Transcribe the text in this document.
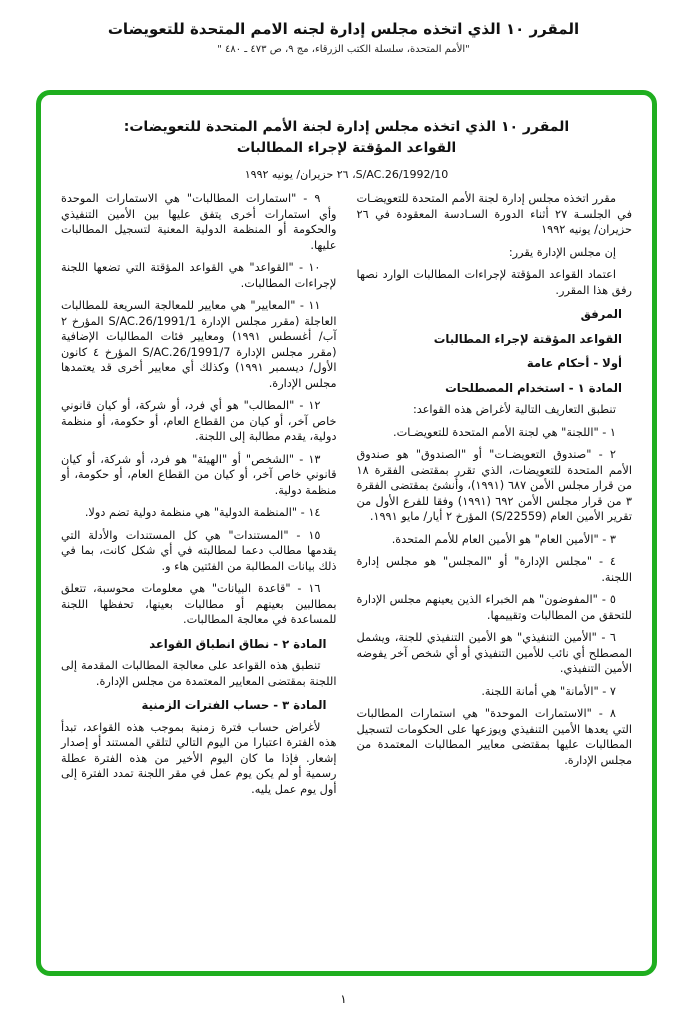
المقرر ١٠ الذي اتخذه مجلس إدارة لجنه الامم المتحدة للتعويضات

"الأمم المتحدة، سلسلة الكتب الزرقاء، مج ٩، ص ٤٧٣ ـ ٤٨٠ "

المقرر ١٠ الذي اتخذه مجلس إدارة لجنة الأمم المتحدة للتعويضات:

القواعد المؤقتة لإجراء المطالبات

S/AC.26/1992/10، ٢٦ حزيران/ يونيه ١٩٩٢

مقرر اتخذه مجلس إدارة لجنة الأمم المتحدة للتعويضـات في الجلسـة ٢٧ أثناء الدورة السـادسة المعقودة في ٢٦ حزيران/ يونيه ١٩٩٢

إن مجلس الإدارة يقرر:

اعتماد القواعد المؤقتة لإجراءات المطالبات الوارد نصها رفق هذا المقرر.

المرفق
القواعد المؤقتة لإجراء المطالبات
أولا - أحكام عامة
المادة ١ - استخدام المصطلحات

تنطبق التعاريف التالية لأغراض هذه القواعد:

١ - "اللجنة" هي لجنة الأمم المتحدة للتعويضـات.

٢ - "صندوق التعويضـات" أو "الصندوق" هو صندوق الأمم المتحدة للتعويضات، الذي تقرر بمقتضى الفقرة ١٨ من قرار مجلس الأمن ٦٨٧ (١٩٩١)، وأنشئ بمقتضى الفقرة ٣ من قرار مجلس الأمن ٦٩٢ (١٩٩١) وفقا للفرع الأول من تقرير الأمين العام (S/22559) المؤرخ ٢ أيار/ مايو ١٩٩١.

٣ - "الأمين العام" هو الأمين العام للأمم المتحدة.

٤ - "مجلس الإدارة" أو "المجلس" هو مجلس إدارة اللجنة.

٥ - "المفوضون" هم الخبراء الذين يعينهم مجلس الإدارة للتحقق من المطالبات وتقييمها.

٦ - "الأمين التنفيذي" هو الأمين التنفيذي للجنة، ويشمل المصطلح أي نائب للأمين التنفيذي أو أي شخص آخر يفوضه الأمين التنفيذي.

٧ - "الأمانة" هي أمانة اللجنة.

٨ - "الاستمارات الموحدة" هي استمارات المطالبات التي يعدها الأمين التنفيذي ويوزعها على الحكومات لتسجيل المطالبات عليها بمقتضى معايير المطالبات المعتمدة من مجلس الإدارة.

٩ - "استمارات المطالبات" هي الاستمارات الموحدة وأي استمارات أخرى يتفق عليها بين الأمين التنفيذي والحكومة أو المنظمة الدولية المعنية لتسجيل المطالبات عليها.

١٠ - "القواعد" هي القواعد المؤقتة التي تضعها اللجنة لإجراءات المطالبات.

١١ - "المعايير" هي معايير للمعالجة السريعة للمطالبات العاجلة (مقرر مجلس الإدارة S/AC.26/1991/1 المؤرخ ٢ آب/ أغسطس ١٩٩١) ومعايير فئات المطالبات الإضافية (مقرر مجلس الإدارة S/AC.26/1991/7 المؤرخ ٤ كانون الأول/ ديسمبر ١٩٩١) وكذلك أي معايير أخرى قد يعتمدها مجلس الإدارة.

١٢ - "المطالب" هو أي فرد، أو شركة، أو كيان قانوني خاص آخر، أو كيان من القطاع العام، أو حكومة، أو منظمة دولية، يقدم مطالبة إلى اللجنة.

١٣ - "الشخص" أو "الهيئة" هو فرد، أو شركة، أو كيان قانوني خاص آخر، أو كيان من القطاع العام، أو حكومة، أو منظمة دولية.

١٤ - "المنظمة الدولية" هي منظمة دولية تضم دولا.

١٥ - "المستندات" هي كل المستندات والأدلة التي يقدمها مطالب دعما لمطالبته في أي شكل كانت، بما في ذلك بيانات المطالبة من الفئتين هاء و.

١٦ - "قاعدة البيانات" هي معلومات محوسبة، تتعلق بمطالبين بعينهم أو مطالبات بعينها، تحفظها اللجنة للمساعدة في معالجة المطالبات.

المادة ٢ - نطاق انطباق القواعد

تنطبق هذه القواعد على معالجة المطالبات المقدمة إلى اللجنة بمقتضى المعايير المعتمدة من مجلس الإدارة.

المادة ٣ - حساب الفترات الزمنية

لأغراض حساب فترة زمنية بموجب هذه القواعد، تبدأ هذه الفترة اعتبارا من اليوم التالي لتلقي المستند أو إصدار إشعار. فإذا ما كان اليوم الأخير من هذه الفترة عطلة رسمية أو لم يكن يوم عمل في مقر اللجنة تمدد الفترة إلى أول يوم عمل يليه.

١
